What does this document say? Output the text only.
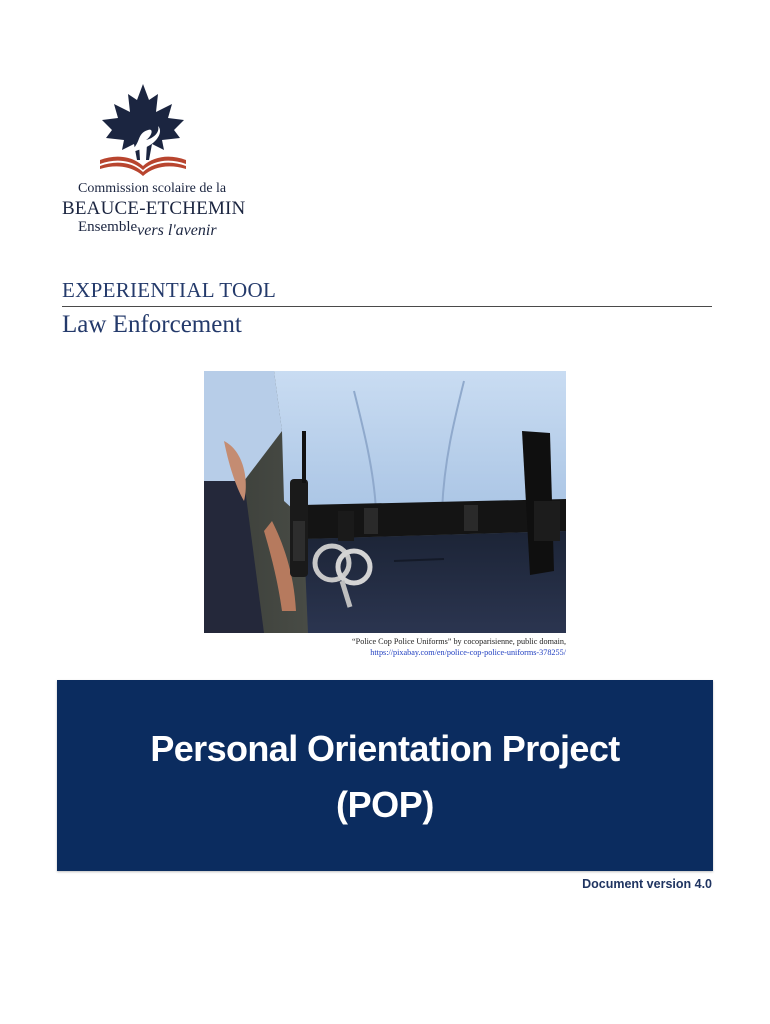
Commission scolaire de la
BEAUCE-ETCHEMIN
Ensemblevers l'avenir
EXPERIENTIAL TOOL
Law Enforcement
“Police Cop Police Uniforms” by cocoparisienne, public domain,
https://pixabay.com/en/police-cop-police-uniforms-378255/
Personal Orientation Project
(POP)
Document version 4.0
